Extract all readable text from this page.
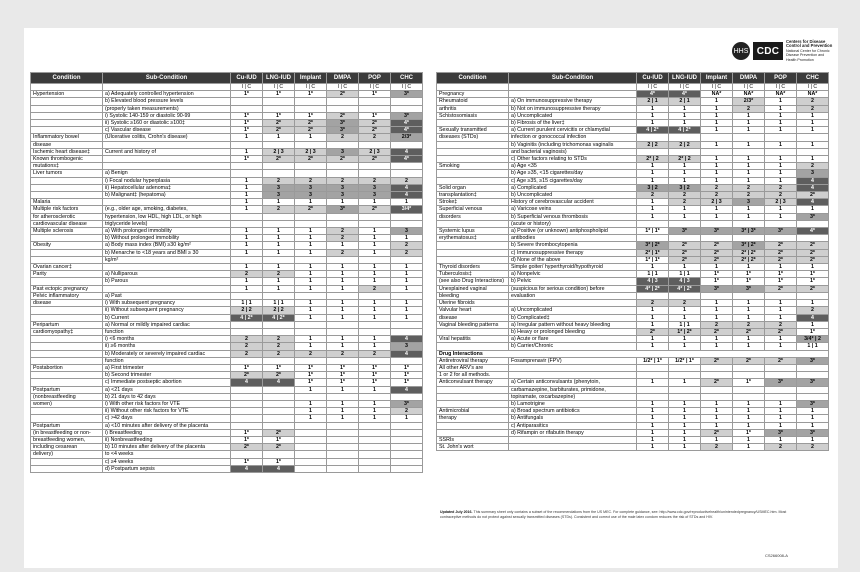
HHS CDC
Centers for Disease
Control and Prevention
National Center for Chronic
Disease Prevention and
Health Promotion
Condition	Sub-Condition	Cu-IUD	LNG-IUD	Implant	DMPA	POP	CHC
		I | C	I | C	I | C	I | C	I | C	I | C
Hypertension	a) Adequately controlled hypertension	1*	1*	1*	2*	1*	3*
	b) Elevated blood pressure levels						
	(properly taken measurements)						
	i) Systolic 140-159 or diastolic 90-99	1*	1*	1*	2*	1*	3*
	ii) Systolic ≥160 or diastolic ≥100‡	1*	2*	2*	3*	2*	4*
	c) Vascular disease	1*	2*	2*	3*	2*	4*
Inflammatory bowel	(Ulcerative colitis, Crohn's disease)	1	1	1	2	2	2/3*
disease							
Ischemic heart disease‡	Current and history of	1	2 | 3	2 | 3	3	2 | 3	4
Known thrombogenic		1*	2*	2*	2*	2*	4*
mutations‡							
Liver tumors	a) Benign						
	i) Focal nodular hyperplasia	1	2	2	2	2	2
	ii) Hepatocellular adenoma‡	1	3	3	3	3	4
	b) Malignant‡ (hepatoma)	1	3	3	3	3	4
Malaria		1	1	1	1	1	1
Multiple risk factors	(e.g., older age, smoking, diabetes,	1	2	2*	3*	2*	3/4*
for atherosclerotic	hypertension, low HDL, high LDL, or high						
cardiovascular disease	triglyceride levels)						
Multiple sclerosis	a) With prolonged immobility	1	1	1	2	1	3
	b) Without prolonged immobility	1	1	1	2	1	1
Obesity	a) Body mass index (BMI) ≥30 kg/m²	1	1	1	1	1	2
	b) Menarche to <18 years and BMI ≥ 30	1	1	1	2	1	2
	kg/m²						
Ovarian cancer‡		1	1	1	1	1	1
Parity	a) Nulliparous	2	2	1	1	1	1
	b) Parous	1	1	1	1	1	1
Past ectopic pregnancy		1	1	1	1	2	1
Pelvic inflammatory	a) Past						
disease	i) With subsequent pregnancy	1 | 1	1 | 1	1	1	1	1
	ii) Without subsequent pregnancy	2 | 2	2 | 2	1	1	1	1
	b) Current	4 | 2*	4 | 2*	1	1	1	1
Peripartum	a) Normal or mildly impaired cardiac						
cardiomyopathy‡	function						
	i) <6 months	2	2	1	1	1	4
	ii) ≥6 months	2	2	1	1	1	3
	b) Moderately or severely impaired cardiac	2	2	2	2	2	4
	function						
Postabortion	a) First trimester	1*	1*	1*	1*	1*	1*
	b) Second trimester	2*	2*	1*	1*	1*	1*
	c) Immediate postseptic abortion	4	4	1*	1*	1*	1*
Postpartum	a) <21 days			1	1	1	4
(nonbreastfeeding	b) 21 days to 42 days						
women)	i) With other risk factors for VTE			1	1	1	3*
	ii) Without other risk factors for VTE			1	1	1	2
	c) >42 days			1	1	1	1
Postpartum	a) <10 minutes after delivery of the placenta						
(in breastfeeding or non-	i) Breastfeeding	1*	2*				
breastfeeding women,	ii) Nonbreastfeeding	1*	1*				
including cesarean	b) 10 minutes after delivery of the placenta	2*	2*				
delivery)	to <4 weeks						
	c) ≥4 weeks	1*	1*				
	d) Postpartum sepsis	4	4				
Condition	Sub-Condition	Cu-IUD	LNG-IUD	Implant	DMPA	POP	CHC
		I | C	I | C	I | C	I | C	I | C	I | C
Pregnancy		4*	4*	NA*	NA*	NA*	NA*
Rheumatoid	a) On immunosuppressive therapy	2 | 1	2 | 1	1	2/3*	1	2
arthritis	b) Not on immunosuppressive therapy	1	1	1	2	1	2
Schistosomiasis	a) Uncomplicated	1	1	1	1	1	1
	b) Fibrosis of the liver‡	1	1	1	1	1	1
Sexually transmitted	a) Current purulent cervicitis or chlamydial	4 | 2*	4 | 2*	1	1	1	1
diseases (STDs)	infection or gonococcal infection						
	b) Vaginitis (including trichomonas vaginalis	2 | 2	2 | 2	1	1	1	1
	and bacterial vaginosis)						
	c) Other factors relating to STDs	2* | 2	2* | 2	1	1	1	1
Smoking	a) Age <35	1	1	1	1	1	2
	b) Age ≥35, <15 cigarettes/day	1	1	1	1	1	3
	c) Age ≥35, ≥15 cigarettes/day	1	1	1	1	1	4
Solid organ	a) Complicated	3 | 2	3 | 2	2	2	2	4
transplantation‡	b) Uncomplicated	2	2	2	2	2	2*
Stroke‡	History of cerebrovascular accident	1	2	2 | 3	3	2 | 3	4
Superficial venous	a) Varicose veins	1	1	1	1	1	1
disorders	b) Superficial venous thrombosis	1	1	1	1	1	3*
	(acute or history)						
Systemic lupus	a) Positive (or unknown) antiphospholipid	1* | 1*	3*	3*	3* | 3*	3*	4*
erythematosus‡	antibodies						
	b) Severe thrombocytopenia	3* | 2*	2*	2*	3* | 2*	2*	2*
	c) Immunosuppressive therapy	2* | 1*	2*	2*	2* | 2*	2*	2*
	d) None of the above	1* | 1*	2*	2*	2* | 2*	2*	2*
Thyroid disorders	Simple goiter/ hyperthyroid/hypothyroid	1	1	1	1	1	1
Tuberculosis‡	a) Nonpelvic	1 | 1	1 | 1	1*	1*	1*	1*
(see also Drug Interactions)	b) Pelvic	4 | 3	4 | 3	1*	1*	1*	1*
Unexplained vaginal	(suspicious for serious condition) before	4* | 2*	4* | 2*	3*	3*	2*	2*
bleeding	evaluation						
Uterine fibroids		2	2	1	1	1	1
Valvular heart	a) Uncomplicated	1	1	1	1	1	2
disease	b) Complicated‡	1	1	1	1	1	4
Vaginal bleeding patterns	a) Irregular pattern without heavy bleeding	1	1 | 1	2	2	2	1
	b) Heavy or prolonged bleeding	2*	1* | 2*	2*	2*	2*	1*
Viral hepatitis	a) Acute or flare	1	1	1	1	1	3/4* | 2
	b) Carrier/Chronic	1	1	1	1	1	1 | 1
Drug Interactions							
Antiretroviral therapy	Fosamprenavir (FPV)	1/2* | 1*	1/2* | 1*	2*	2*	2*	3*
All other ARV's are							
1 or 2 for all methods.							
Anticonvulsant therapy	a) Certain anticonvulsants (phenytoin,	1	1	2*	1*	3*	3*
	carbamazepine, barbiturates, primidone,						
	topiramate, oxcarbazepine)						
	b) Lamotrigine	1	1	1	1	1	3*
Antimicrobial	a) Broad spectrum antibiotics	1	1	1	1	1	1
therapy	b) Antifungals	1	1	1	1	1	1
	c) Antiparasitics	1	1	1	1	1	1
	d) Rifampin or rifabutin therapy	1	1	2*	1*	3*	3*
SSRIs		1	1	1	1	1	1
St. John's wort		1	1	2	1	2	2
Updated July 2016. This summary sheet only contains a subset of the recommendations from the US MEC. For complete guidance, see: http://www.cdc.gov/reproductivehealth/unintendedpregnancy/USMEC.htm. Most contraceptive methods do not protect against sexually transmitted diseases (STDs). Consistent and correct use of the male latex condom reduces the risk of STDs and HIV.
CS266008-A
